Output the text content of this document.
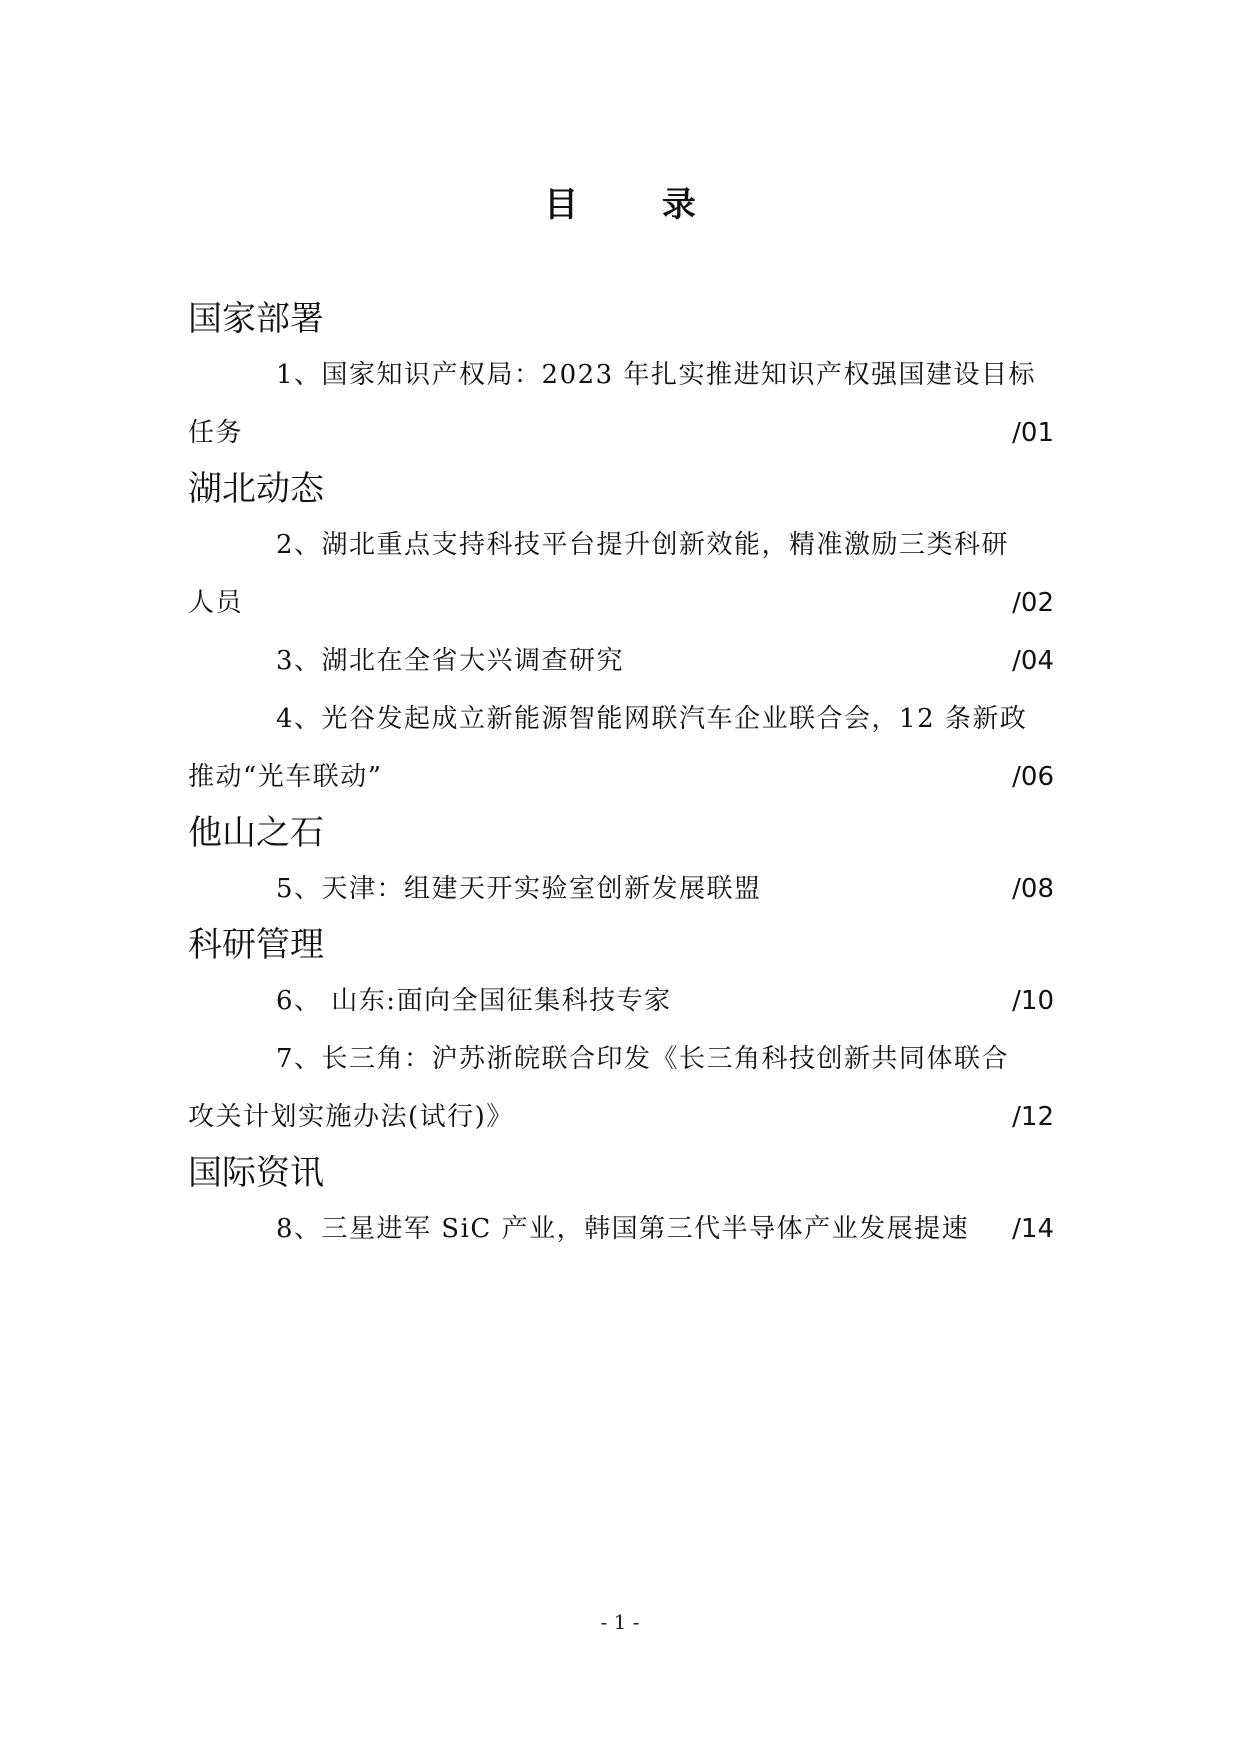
目 录
国家部署
1、国家知识产权局：2023 年扎实推进知识产权强国建设目标
任务	/01
湖北动态
2、湖北重点支持科技平台提升创新效能，精准激励三类科研
人员	/02
3、湖北在全省大兴调查研究	/04
4、光谷发起成立新能源智能网联汽车企业联合会，12 条新政
推动“光车联动”	/06
他山之石
5、天津：组建天开实验室创新发展联盟	/08
科研管理
6、 山东:面向全国征集科技专家	/10
7、长三角：沪苏浙皖联合印发《长三角科技创新共同体联合
攻关计划实施办法(试行)》	/12
国际资讯
8、三星进军 SiC 产业，韩国第三代半导体产业发展提速	/14
- 1 -
